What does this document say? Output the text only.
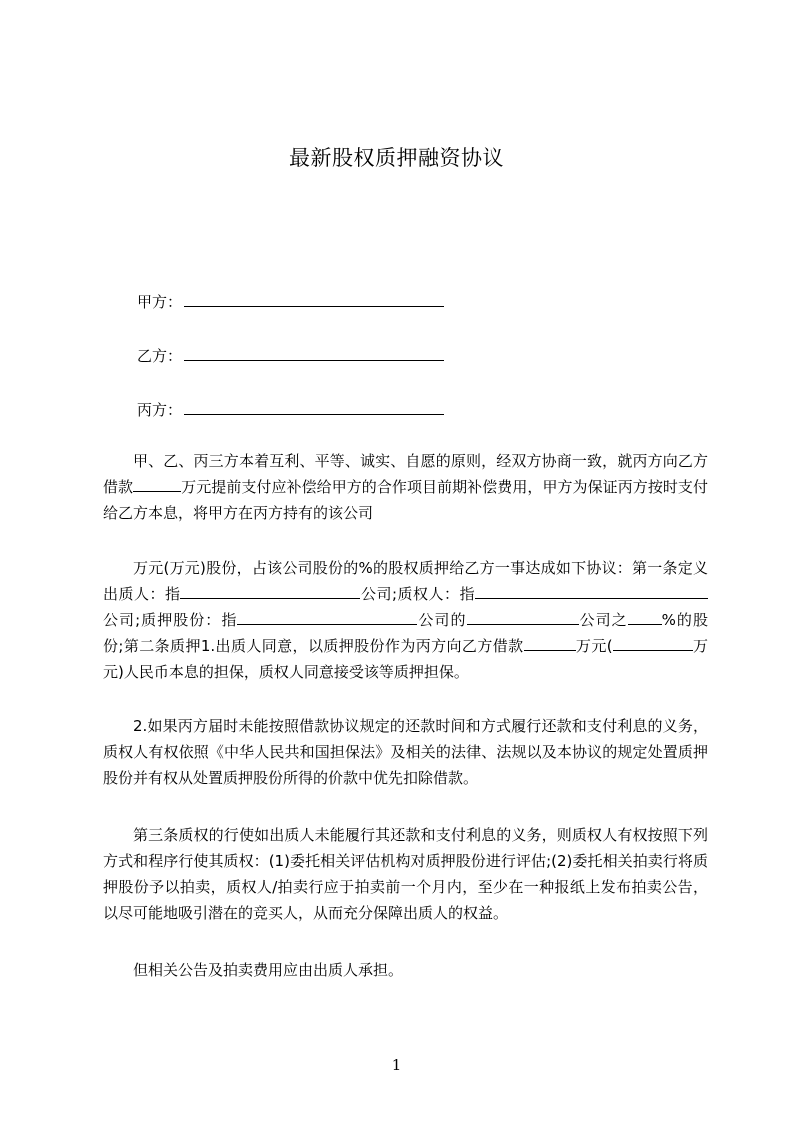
最新股权质押融资协议
甲方：
乙方：
丙方：

甲、乙、丙三方本着互利、平等、诚实、自愿的原则，经双方协商一致，就丙方向乙方借款	万元提前支付应补偿给甲方的合作项目前期补偿费用，甲方为保证丙方按时支付给乙方本息，将甲方在丙方持有的该公司

万元(万元)股份，占该公司股份的%的股权质押给乙方一事达成如下协议：第一条定义出质人：指	公司;质权人：指公司;质押股份：指	公司的	公司之 %的股份;第二条质押1.出质人同意，以质押股份作为丙方向乙方借款	万元(	万元)人民币本息的担保，质权人同意接受该等质押担保。

2.如果丙方届时未能按照借款协议规定的还款时间和方式履行还款和支付利息的义务，质权人有权依照《中华人民共和国担保法》及相关的法律、法规以及本协议的规定处置质押股份并有权从处置质押股份所得的价款中优先扣除借款。

第三条质权的行使如出质人未能履行其还款和支付利息的义务，则质权人有权按照下列方式和程序行使其质权：(1)委托相关评估机构对质押股份进行评估;(2)委托相关拍卖行将质押股份予以拍卖，质权人/拍卖行应于拍卖前一个月内，至少在一种报纸上发布拍卖公告，以尽可能地吸引潜在的竞买人，从而充分保障出质人的权益。

但相关公告及拍卖费用应由出质人承担。

1
